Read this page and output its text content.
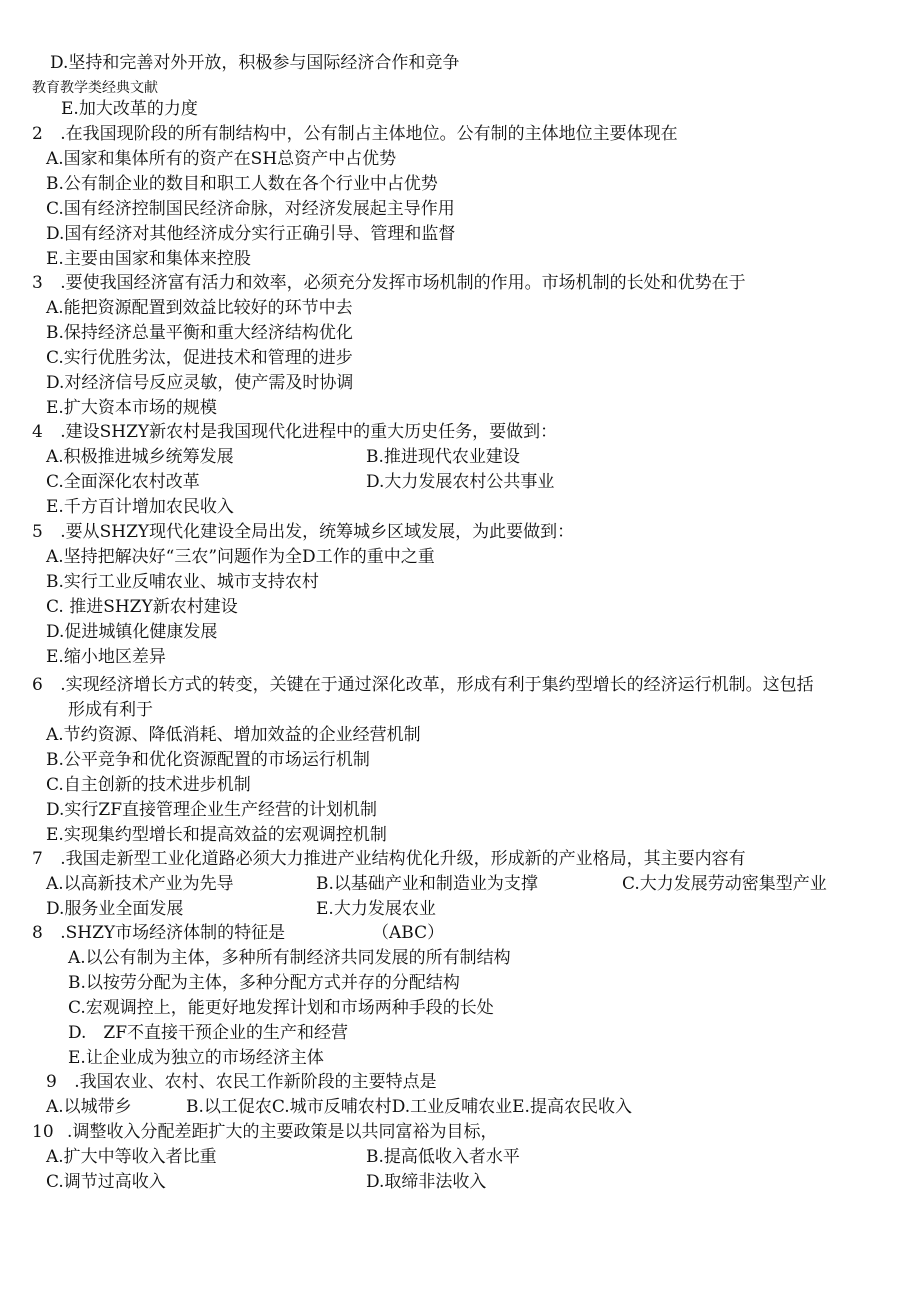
D.坚持和完善对外开放，积极参与国际经济合作和竞争
教育教学类经典文献
E.加大改革的力度
2 .在我国现阶段的所有制结构中，公有制占主体地位。公有制的主体地位主要体现在
A.国家和集体所有的资产在SH总资产中占优势
B.公有制企业的数目和职工人数在各个行业中占优势
C.国有经济控制国民经济命脉，对经济发展起主导作用
D.国有经济对其他经济成分实行正确引导、管理和监督
E.主要由国家和集体来控股
3 .要使我国经济富有活力和效率，必须充分发挥市场机制的作用。市场机制的长处和优势在于
A.能把资源配置到效益比较好的环节中去
B.保持经济总量平衡和重大经济结构优化
C.实行优胜劣汰，促进技术和管理的进步
D.对经济信号反应灵敏，使产需及时协调
E.扩大资本市场的规模
4 .建设SHZY新农村是我国现代化进程中的重大历史任务，要做到：
A.积极推进城乡统筹发展	B.推进现代农业建设
C.全面深化农村改革	D.大力发展农村公共事业
E.千方百计增加农民收入
5 .要从SHZY现代化建设全局出发，统筹城乡区域发展，为此要做到：
A.坚持把解决好“三农”问题作为全D工作的重中之重
B.实行工业反哺农业、城市支持农村
C. 推进SHZY新农村建设
D.促进城镇化健康发展
E.缩小地区差异
6 .实现经济增长方式的转变，关键在于通过深化改革，形成有利于集约型增长的经济运行机制。这包括
形成有利于
A.节约资源、降低消耗、增加效益的企业经营机制
B.公平竞争和优化资源配置的市场运行机制
C.自主创新的技术进步机制
D.实行ZF直接管理企业生产经营的计划机制
E.实现集约型增长和提高效益的宏观调控机制
7 .我国走新型工业化道路必须大力推进产业结构优化升级，形成新的产业格局，其主要内容有
A.以高新技术产业为先导	B.以基础产业和制造业为支撑	C.大力发展劳动密集型产业
D.服务业全面发展	E.大力发展农业
8 .SHZY市场经济体制的特征是	（ABC）
A.以公有制为主体，多种所有制经济共同发展的所有制结构
B.以按劳分配为主体，多种分配方式并存的分配结构
C.宏观调控上，能更好地发挥计划和市场两种手段的长处
D.　ZF不直接干预企业的生产和经营
E.让企业成为独立的市场经济主体
9 .我国农业、农村、农民工作新阶段的主要特点是
A.以城带乡	B.以工促农C.城市反哺农村D.工业反哺农业E.提高农民收入
10 .调整收入分配差距扩大的主要政策是以共同富裕为目标，
A.扩大中等收入者比重	B.提高低收入者水平
C.调节过高收入	D.取缔非法收入
